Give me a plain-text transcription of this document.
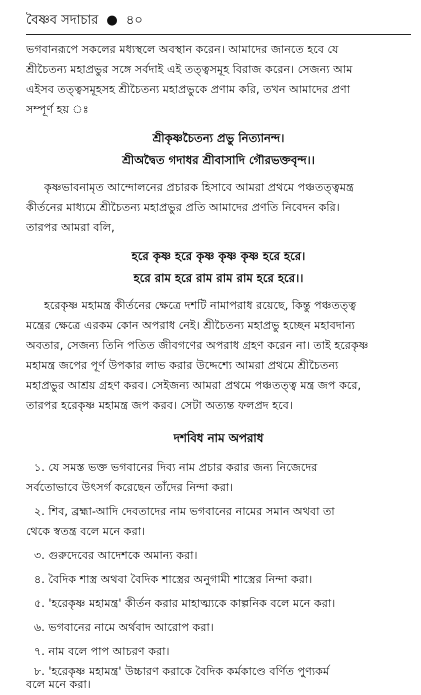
বৈষ্ণব সদাচার ● ৪০
ভগবানরূপে সকলের মধ্যস্থলে অবস্থান করেন। আমাদের জানতে হবে যে
শ্রীচৈতন্য মহাপ্রভুর সঙ্গে সর্বদাই এই তত্ত্বসমূহ বিরাজ করেন। সেজন্য আম
এইসব তত্ত্বসমূহসহ শ্রীচৈতন্য মহাপ্রভুকে প্রণাম করি, তখন আমাদের প্রণা
সম্পূর্ণ হয় ঃ
শ্রীকৃষ্ণচৈতন্য প্রভু নিত্যানন্দ।
শ্রীঅদ্বৈত গদাধর শ্রীবাসাদি গৌরভক্তবৃন্দ।।
কৃষ্ণভাবনামৃত আন্দোলনের প্রচারক হিসাবে আমরা প্রথমে পঞ্চতত্ত্বমন্ত্র
কীর্তনের মাধ্যমে শ্রীচৈতন্য মহাপ্রভুর প্রতি আমাদের প্রণতি নিবেদন করি।
তারপর আমরা বলি,
হরে কৃষ্ণ হরে কৃষ্ণ কৃষ্ণ কৃষ্ণ হরে হরে।
হরে রাম হরে রাম রাম রাম হরে হরে।।
হরেকৃষ্ণ মহামন্ত্র কীর্তনের ক্ষেত্রে দশটি নামাপরাধ রয়েছে, কিন্তু পঞ্চতত্ত্ব
মন্ত্রের ক্ষেত্রে এরকম কোন অপরাধ নেই। শ্রীচৈতন্য মহাপ্রভু হচ্ছেন মহাবদান্য
অবতার, সেজন্য তিনি পতিত জীবগণের অপরাধ গ্রহণ করেন না। তাই হরেকৃষ্ণ
মহামন্ত্র জপের পূর্ণ উপকার লাভ করার উদ্দেশ্যে আমরা প্রথমে শ্রীচৈতন্য
মহাপ্রভুর আশ্রয় গ্রহণ করব। সেইজন্য আমরা প্রথমে পঞ্চতত্ত্ব মন্ত্র জপ করে,
তারপর হরেকৃষ্ণ মহামন্ত্র জপ করব। সেটা অত্যন্ত ফলপ্রদ হবে।
দশবিধ নাম অপরাধ
১. যে সমস্ত ভক্ত ভগবানের দিব্য নাম প্রচার করার জন্য নিজেদের
সর্বতোভাবে উৎসর্গ করেছেন তাঁদের নিন্দা করা।
২. শিব, ব্রহ্মা-আদি দেবতাদের নাম ভগবানের নামের সমান অথবা তা
থেকে স্বতন্ত্র বলে মনে করা।
৩. গুরুদেবের আদেশকে অমান্য করা।
৪. বৈদিক শাস্ত্র অথবা বৈদিক শাস্ত্রের অনুগামী শাস্ত্রের নিন্দা করা।
৫. 'হরেকৃষ্ণ মহামন্ত্র' কীর্তন করার মাহাত্ম্যকে কাল্পনিক বলে মনে করা।
৬. ভগবানের নামে অর্থবাদ আরোপ করা।
৭. নাম বলে পাপ আচরণ করা।
৮. 'হরেকৃষ্ণ মহামন্ত্র' উচ্চারণ করাকে বৈদিক কর্মকাণ্ডে বর্ণিত পুণ্যকর্ম
বলে মনে করা।
